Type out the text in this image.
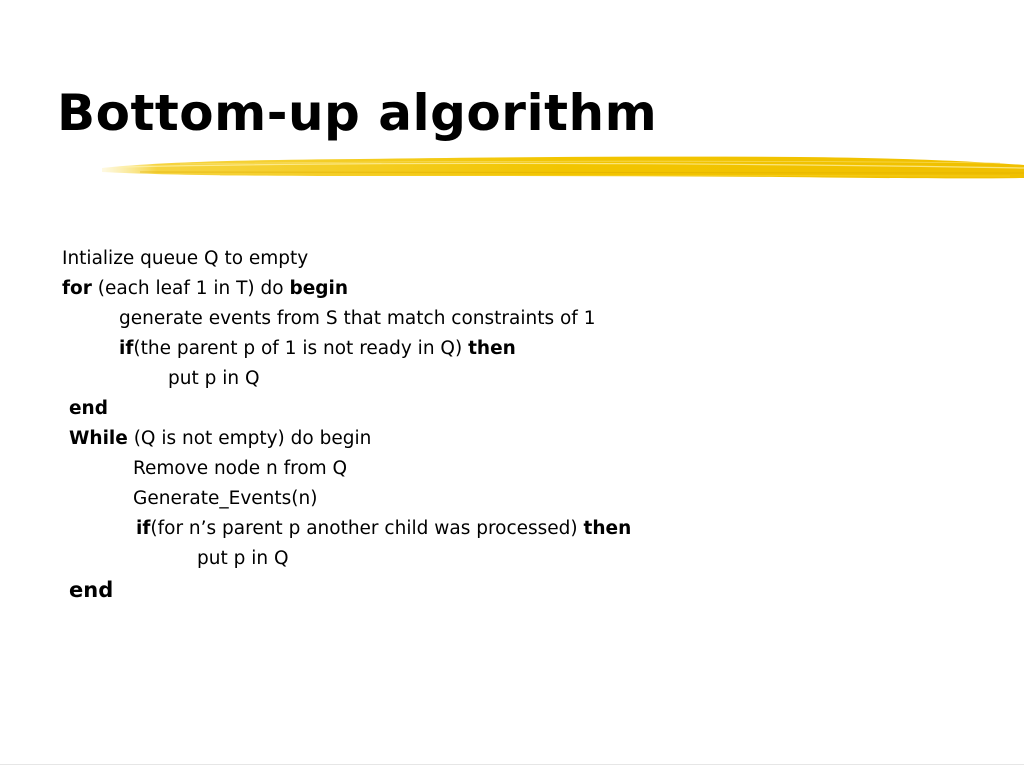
Bottom-up algorithm
Intialize queue Q to empty
for (each leaf 1 in T) do begin
generate events from S that match constraints of 1
if(the parent p of 1 is not ready in Q) then
put p in Q
end
While (Q is not empty) do begin
Remove node n from Q
Generate_Events(n)
if(for n’s parent p another child was processed) then
put p in Q
end
